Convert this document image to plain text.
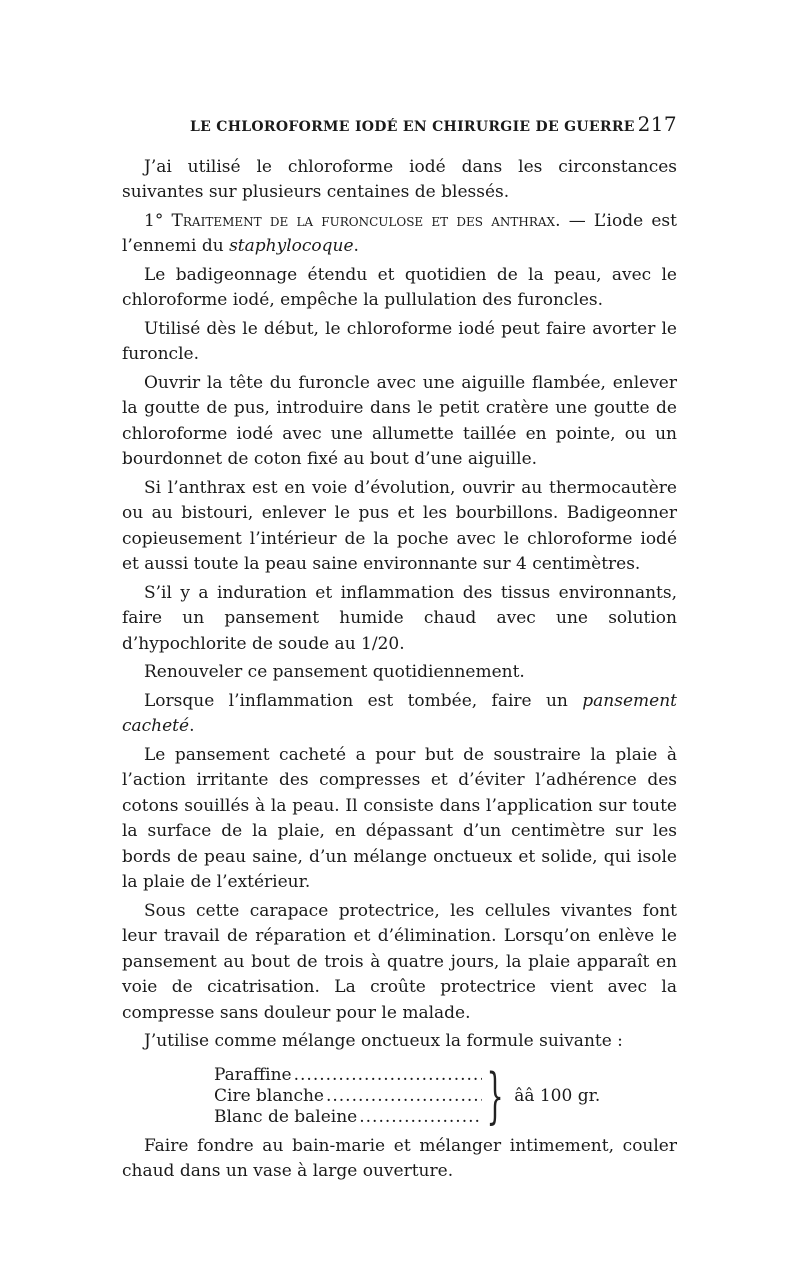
LE CHLOROFORME IODÉ EN CHIRURGIE DE GUERRE 217

J’ai utilisé le chloroforme iodé dans les circonstances suivantes sur plusieurs centaines de blessés.

1° Traitement de la furonculose et des anthrax. — L’iode est l’ennemi du staphylocoque.

Le badigeonnage étendu et quotidien de la peau, avec le chloroforme iodé, empêche la pullulation des furoncles.

Utilisé dès le début, le chloroforme iodé peut faire avorter le furoncle.

Ouvrir la tête du furoncle avec une aiguille flambée, enlever la goutte de pus, introduire dans le petit cratère une goutte de chloroforme iodé avec une allumette taillée en pointe, ou un bourdonnet de coton fixé au bout d’une aiguille.

Si l’anthrax est en voie d’évolution, ouvrir au thermocautère ou au bistouri, enlever le pus et les bourbillons. Badigeonner copieusement l’intérieur de la poche avec le chloroforme iodé et aussi toute la peau saine environnante sur 4 centimètres.

S’il y a induration et inflammation des tissus environnants, faire un pansement humide chaud avec une solution d’hypochlorite de soude au 1/20.

Renouveler ce pansement quotidiennement.

Lorsque l’inflammation est tombée, faire un pansement cacheté.

Le pansement cacheté a pour but de soustraire la plaie à l’action irritante des compresses et d’éviter l’adhérence des cotons souillés à la peau. Il consiste dans l’application sur toute la surface de la plaie, en dépassant d’un centimètre sur les bords de peau saine, d’un mélange onctueux et solide, qui isole la plaie de l’extérieur.

Sous cette carapace protectrice, les cellules vivantes font leur travail de réparation et d’élimination. Lorsqu’on enlève le pansement au bout de trois à quatre jours, la plaie apparaît en voie de cicatrisation. La croûte protectrice vient avec la compresse sans douleur pour le malade.

J’utilise comme mélange onctueux la formule suivante :

Paraffine
.....
Cire blanche
.....
Blanc de baleine
..... } ââ 100 gr.

Faire fondre au bain-marie et mélanger intimement, couler chaud dans un vase à large ouverture.
